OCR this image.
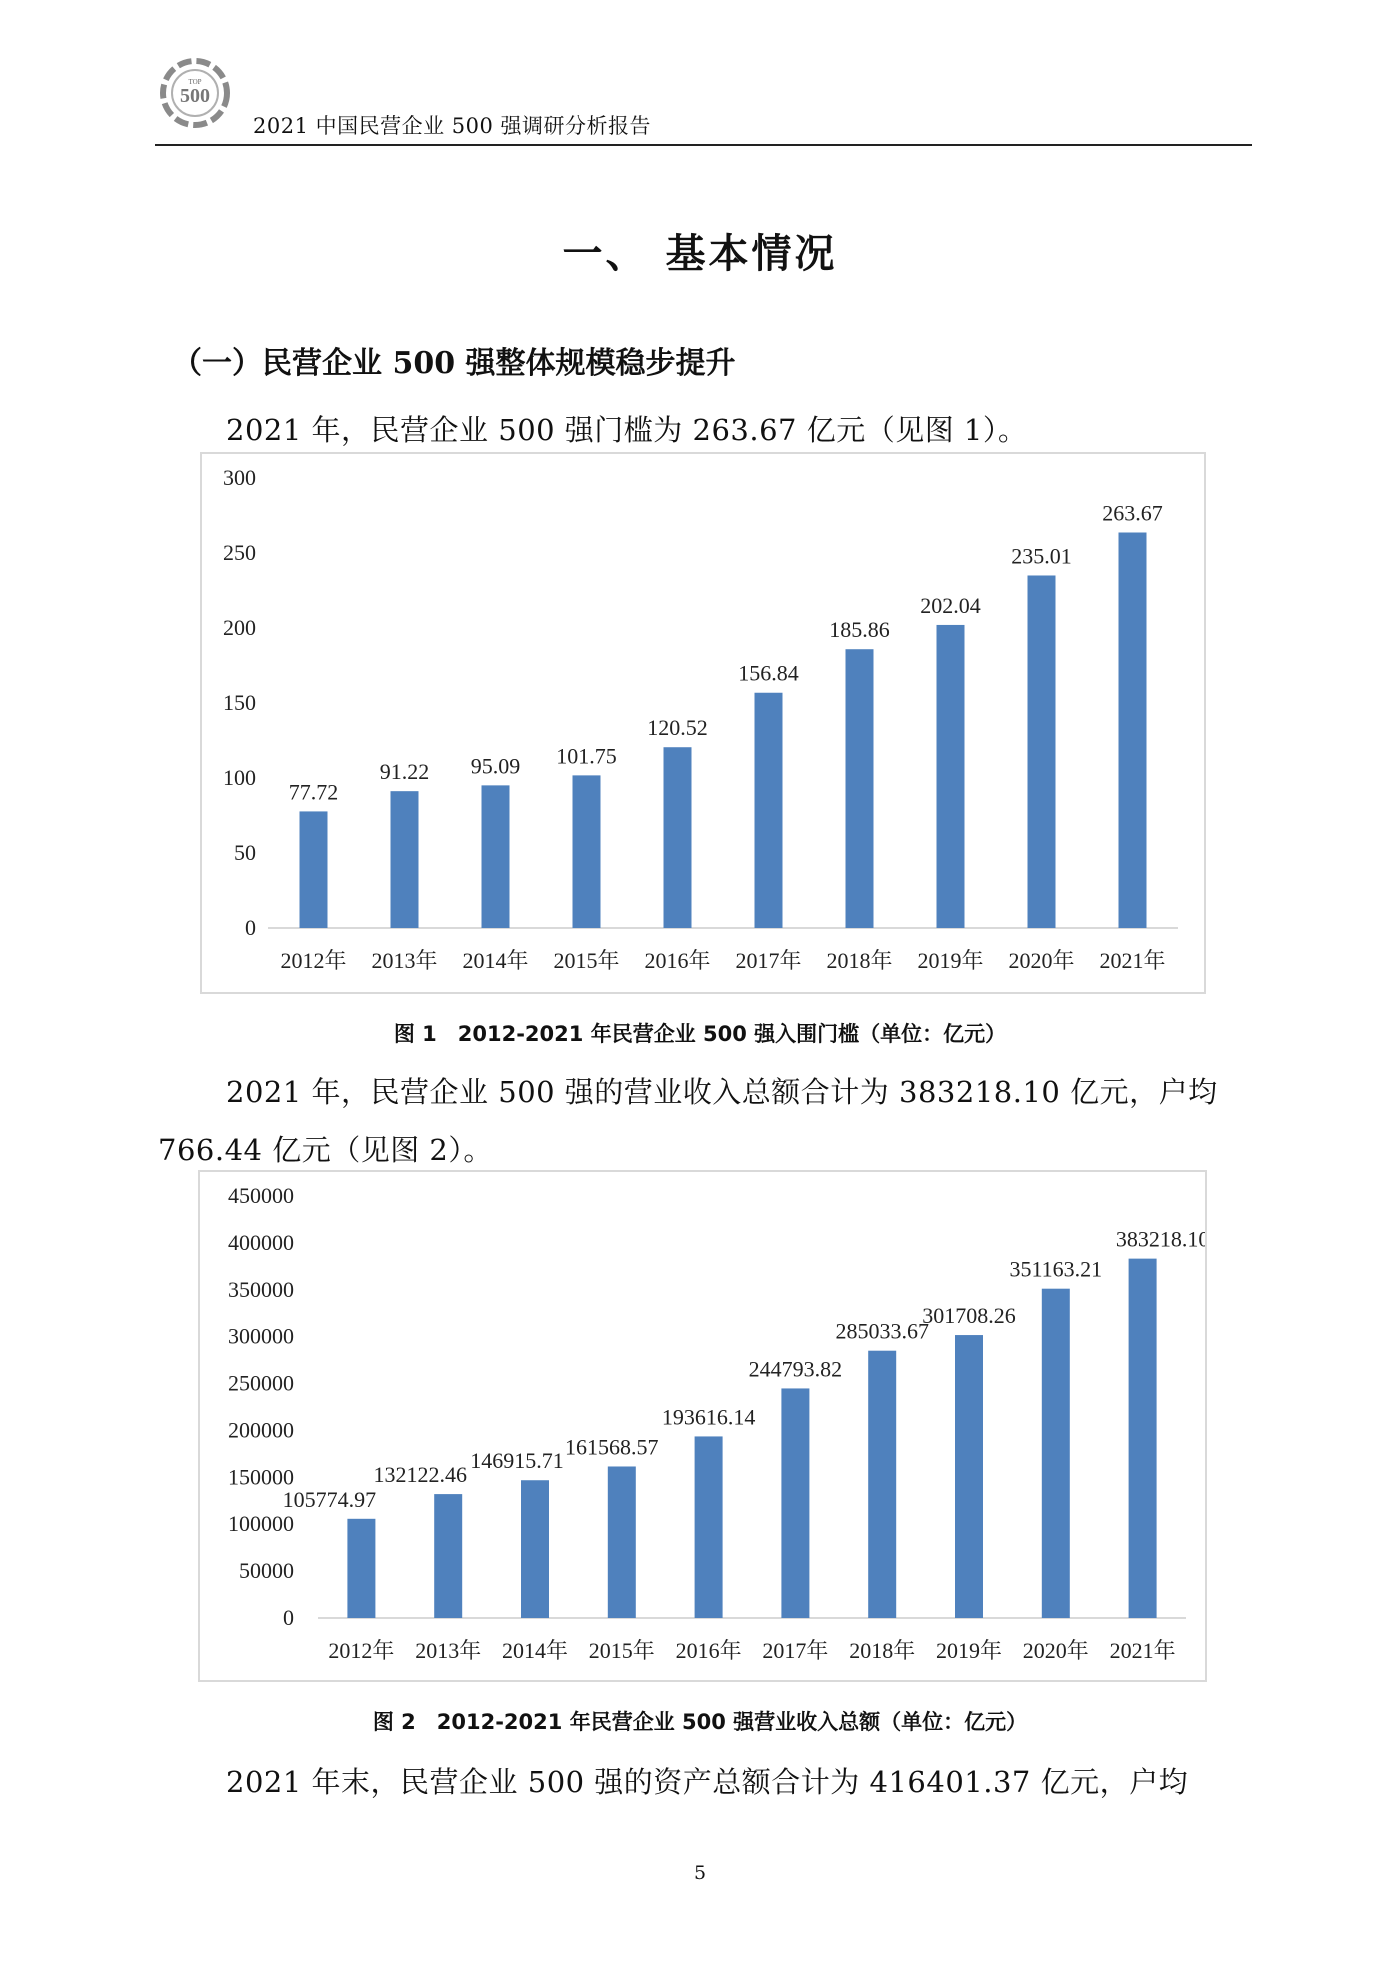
TOP
500
2021 中国民营企业 500 强调研分析报告
一、 基本情况
（一）民营企业 500 强整体规模稳步提升
2021 年，民营企业 500 强门槛为 263.67 亿元（见图 1）。
0
50
100
150
200
250
300
77.72
2012年
91.22
2013年
95.09
2014年
101.75
2015年
120.52
2016年
156.84
2017年
185.86
2018年
202.04
2019年
235.01
2020年
263.67
2021年
图 1　2012-2021 年民营企业 500 强入围门槛（单位：亿元）
2021 年，民营企业 500 强的营业收入总额合计为 383218.10 亿元，户均
766.44 亿元（见图 2）。
0
50000
100000
150000
200000
250000
300000
350000
400000
450000
105774.97
2012年
132122.46
2013年
146915.71
2014年
161568.57
2015年
193616.14
2016年
244793.82
2017年
285033.67
2018年
301708.26
2019年
351163.21
2020年
383218.10
2021年
图 2　2012-2021 年民营企业 500 强营业收入总额（单位：亿元）
2021 年末，民营企业 500 强的资产总额合计为 416401.37 亿元，户均
5
